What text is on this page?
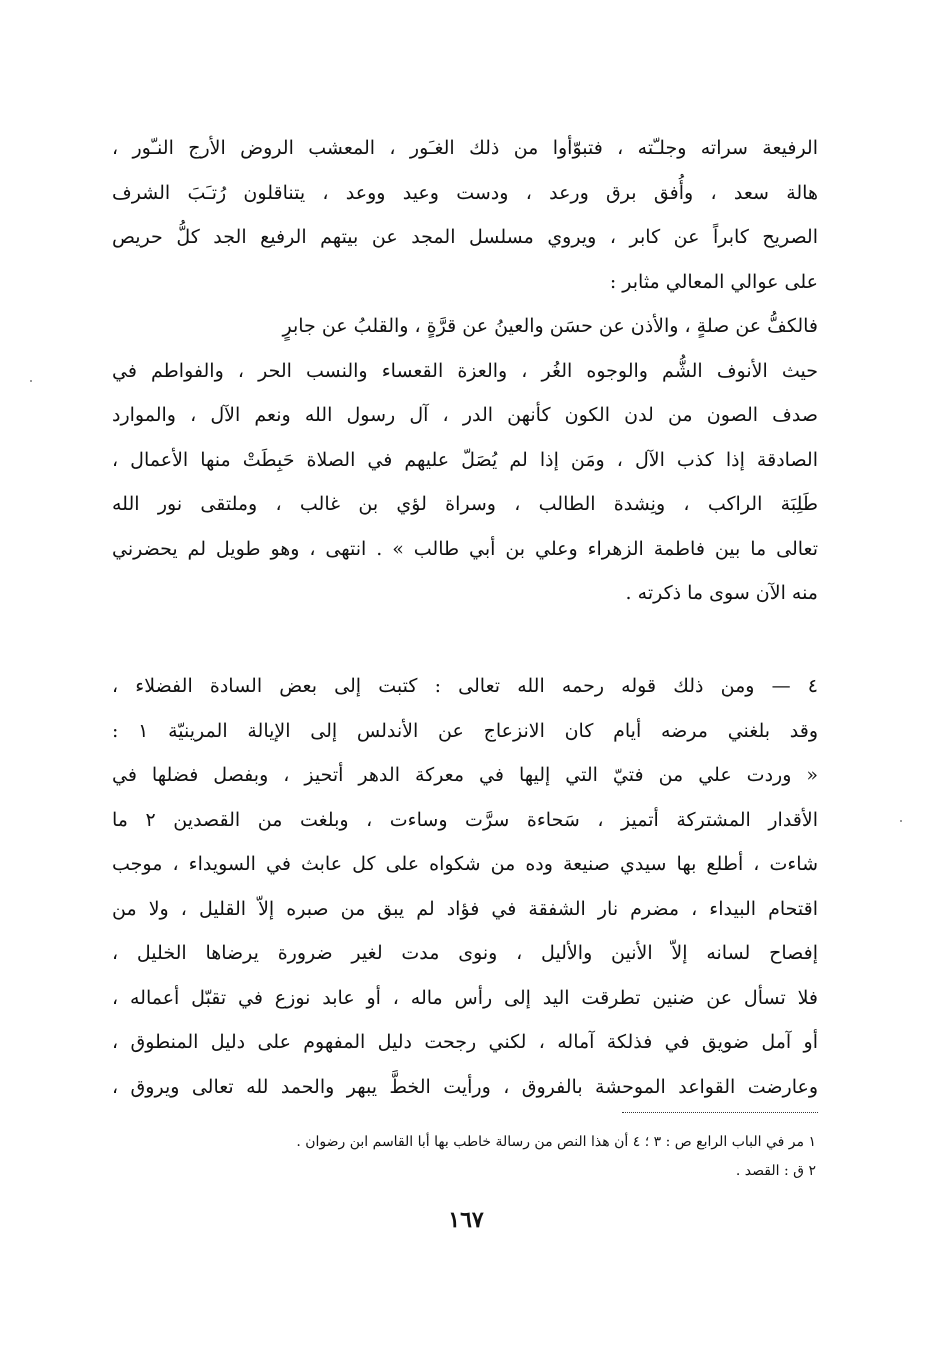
الرفيعة سراته وجلـّته ، فتبوّأوا من ذلك الغـَور ، المعشب الروض الأرج النـّور ،
هالة سعد ، وأُفق برق ورعد ، ودست وعيد ووعد ، يتناقلون رُتـَبَ الشرف
الصريح كابراً عن كابر ، ويروي مسلسل المجد عن بيتهم الرفيع الجد كلُّ حريص
على عوالي المعالي مثابر :
فالكفُّ عن صلةٍ ، والأذن عن حسَن والعينُ عن قرَّةٍ ، والقلبُ عن جابرٍ
حيث الأنوف الشُّم والوجوه الغُر ، والعزة القعساء والنسب الحر ، والفواطم في
صدف الصون من لدن الكون كأنهن الدر ، آل رسول الله ونعم الآل ، والموارد
الصادقة إذا كذب الآل ، ومَن إذا لم يُصَلّ عليهم في الصلاة حَبِطَتْ منها الأعمال ،
طَلِبَة الراكب ، ونِشدة الطالب ، وسراة لؤي بن غالب ، وملتقى نور الله
تعالى ما بين فاطمة الزهراء وعلي بن أبي طالب » . انتهى ، وهو طويل لم يحضرني
منه الآن سوى ما ذكرته .
٤ — ومن ذلك قوله رحمه الله تعالى : كتبت إلى بعض السادة الفضلاء ،
وقد بلغني مرضه أيام كان الانزعاج عن الأندلس إلى الإيالة المرينيّة ١ :
« وردت علي من فتيّ التي إليها في معركة الدهر أتحيز ، وبفصل فضلها في
الأقدار المشتركة أتميز ، سَحاءة سرَّت وساءت ، وبلغت من القصدين ٢ ما
شاءت ، أطلع بها سيدي صنيعة وده من شكواه على كل عابث في السويداء ، موجب
اقتحام البيداء ، مضرم نار الشفقة في فؤاد لم يبق من صبره إلاّ القليل ، ولا من
إفصاح لسانه إلاّ الأنين والأليل ، ونوى مدت لغير ضرورة يرضاها الخليل ،
فلا تسأل عن ضنين تطرقت اليد إلى رأس ماله ، أو عابد نوزع في تقبّل أعماله ،
أو آمل ضويق في فذلكة آماله ، لكني رجحت دليل المفهوم على دليل المنطوق ،
وعارضت القواعد الموحشة بالفروق ، ورأيت الخطَّ يبهر والحمد لله تعالى ويروق ،
١ مر في الباب الرابع ص : ٣ ؛ ٤ أن هذا النص من رسالة خاطب بها أبا القاسم ابن رضوان .
٢ ق : القصد .
١٦٧
